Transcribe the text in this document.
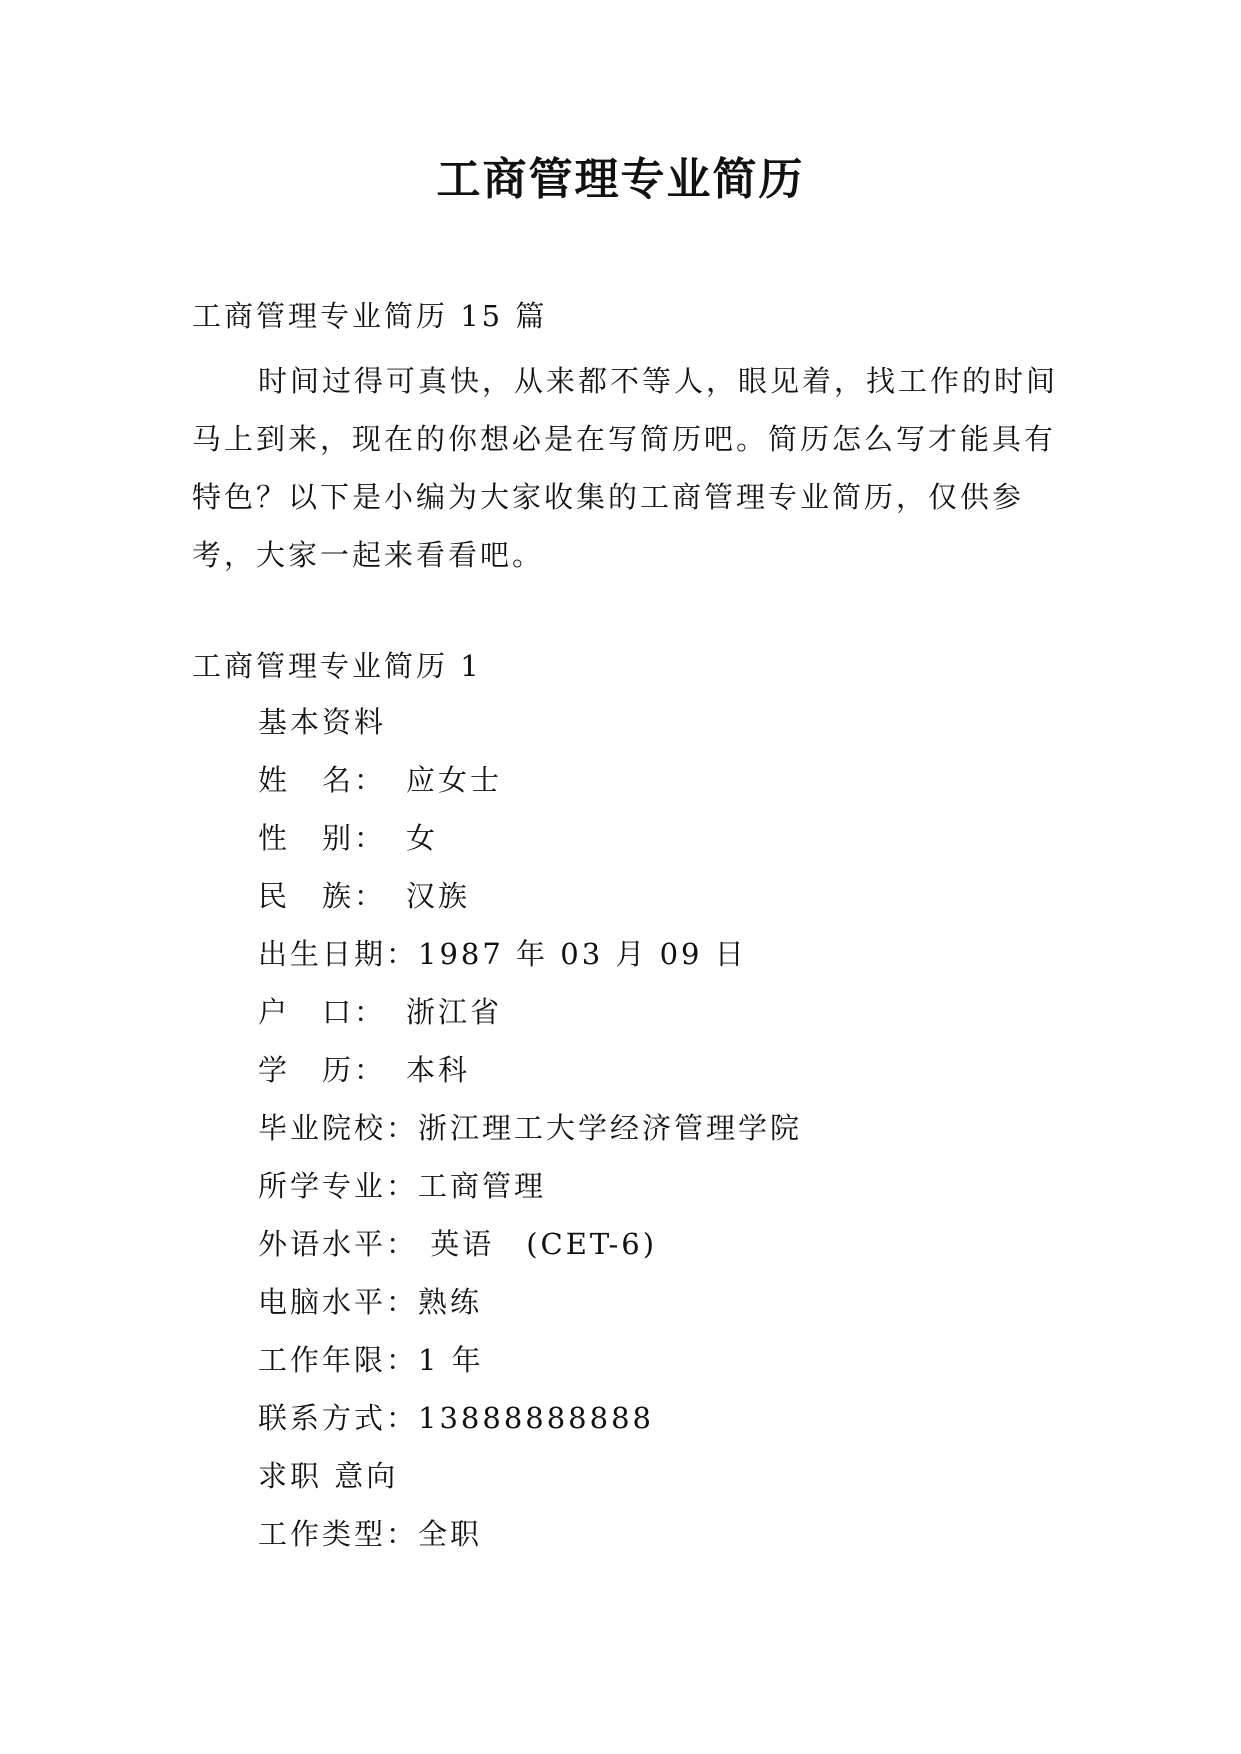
工商管理专业简历
工商管理专业简历 15 篇
时间过得可真快，从来都不等人，眼见着，找工作的时间马上到来，现在的你想必是在写简历吧。简历怎么写才能具有特色？以下是小编为大家收集的工商管理专业简历，仅供参考，大家一起来看看吧。
工商管理专业简历 1
基本资料
姓　名： 应女士
性　别： 女
民　族： 汉族
出生日期： 1987 年 03 月 09 日
户　口： 浙江省
学　历： 本科
毕业院校： 浙江理工大学经济管理学院
所学专业： 工商管理
外语水平： 英语　(CET-6)
电脑水平： 熟练
工作年限： 1 年
联系方式： 13888888888
求职 意向
工作类型： 全职
